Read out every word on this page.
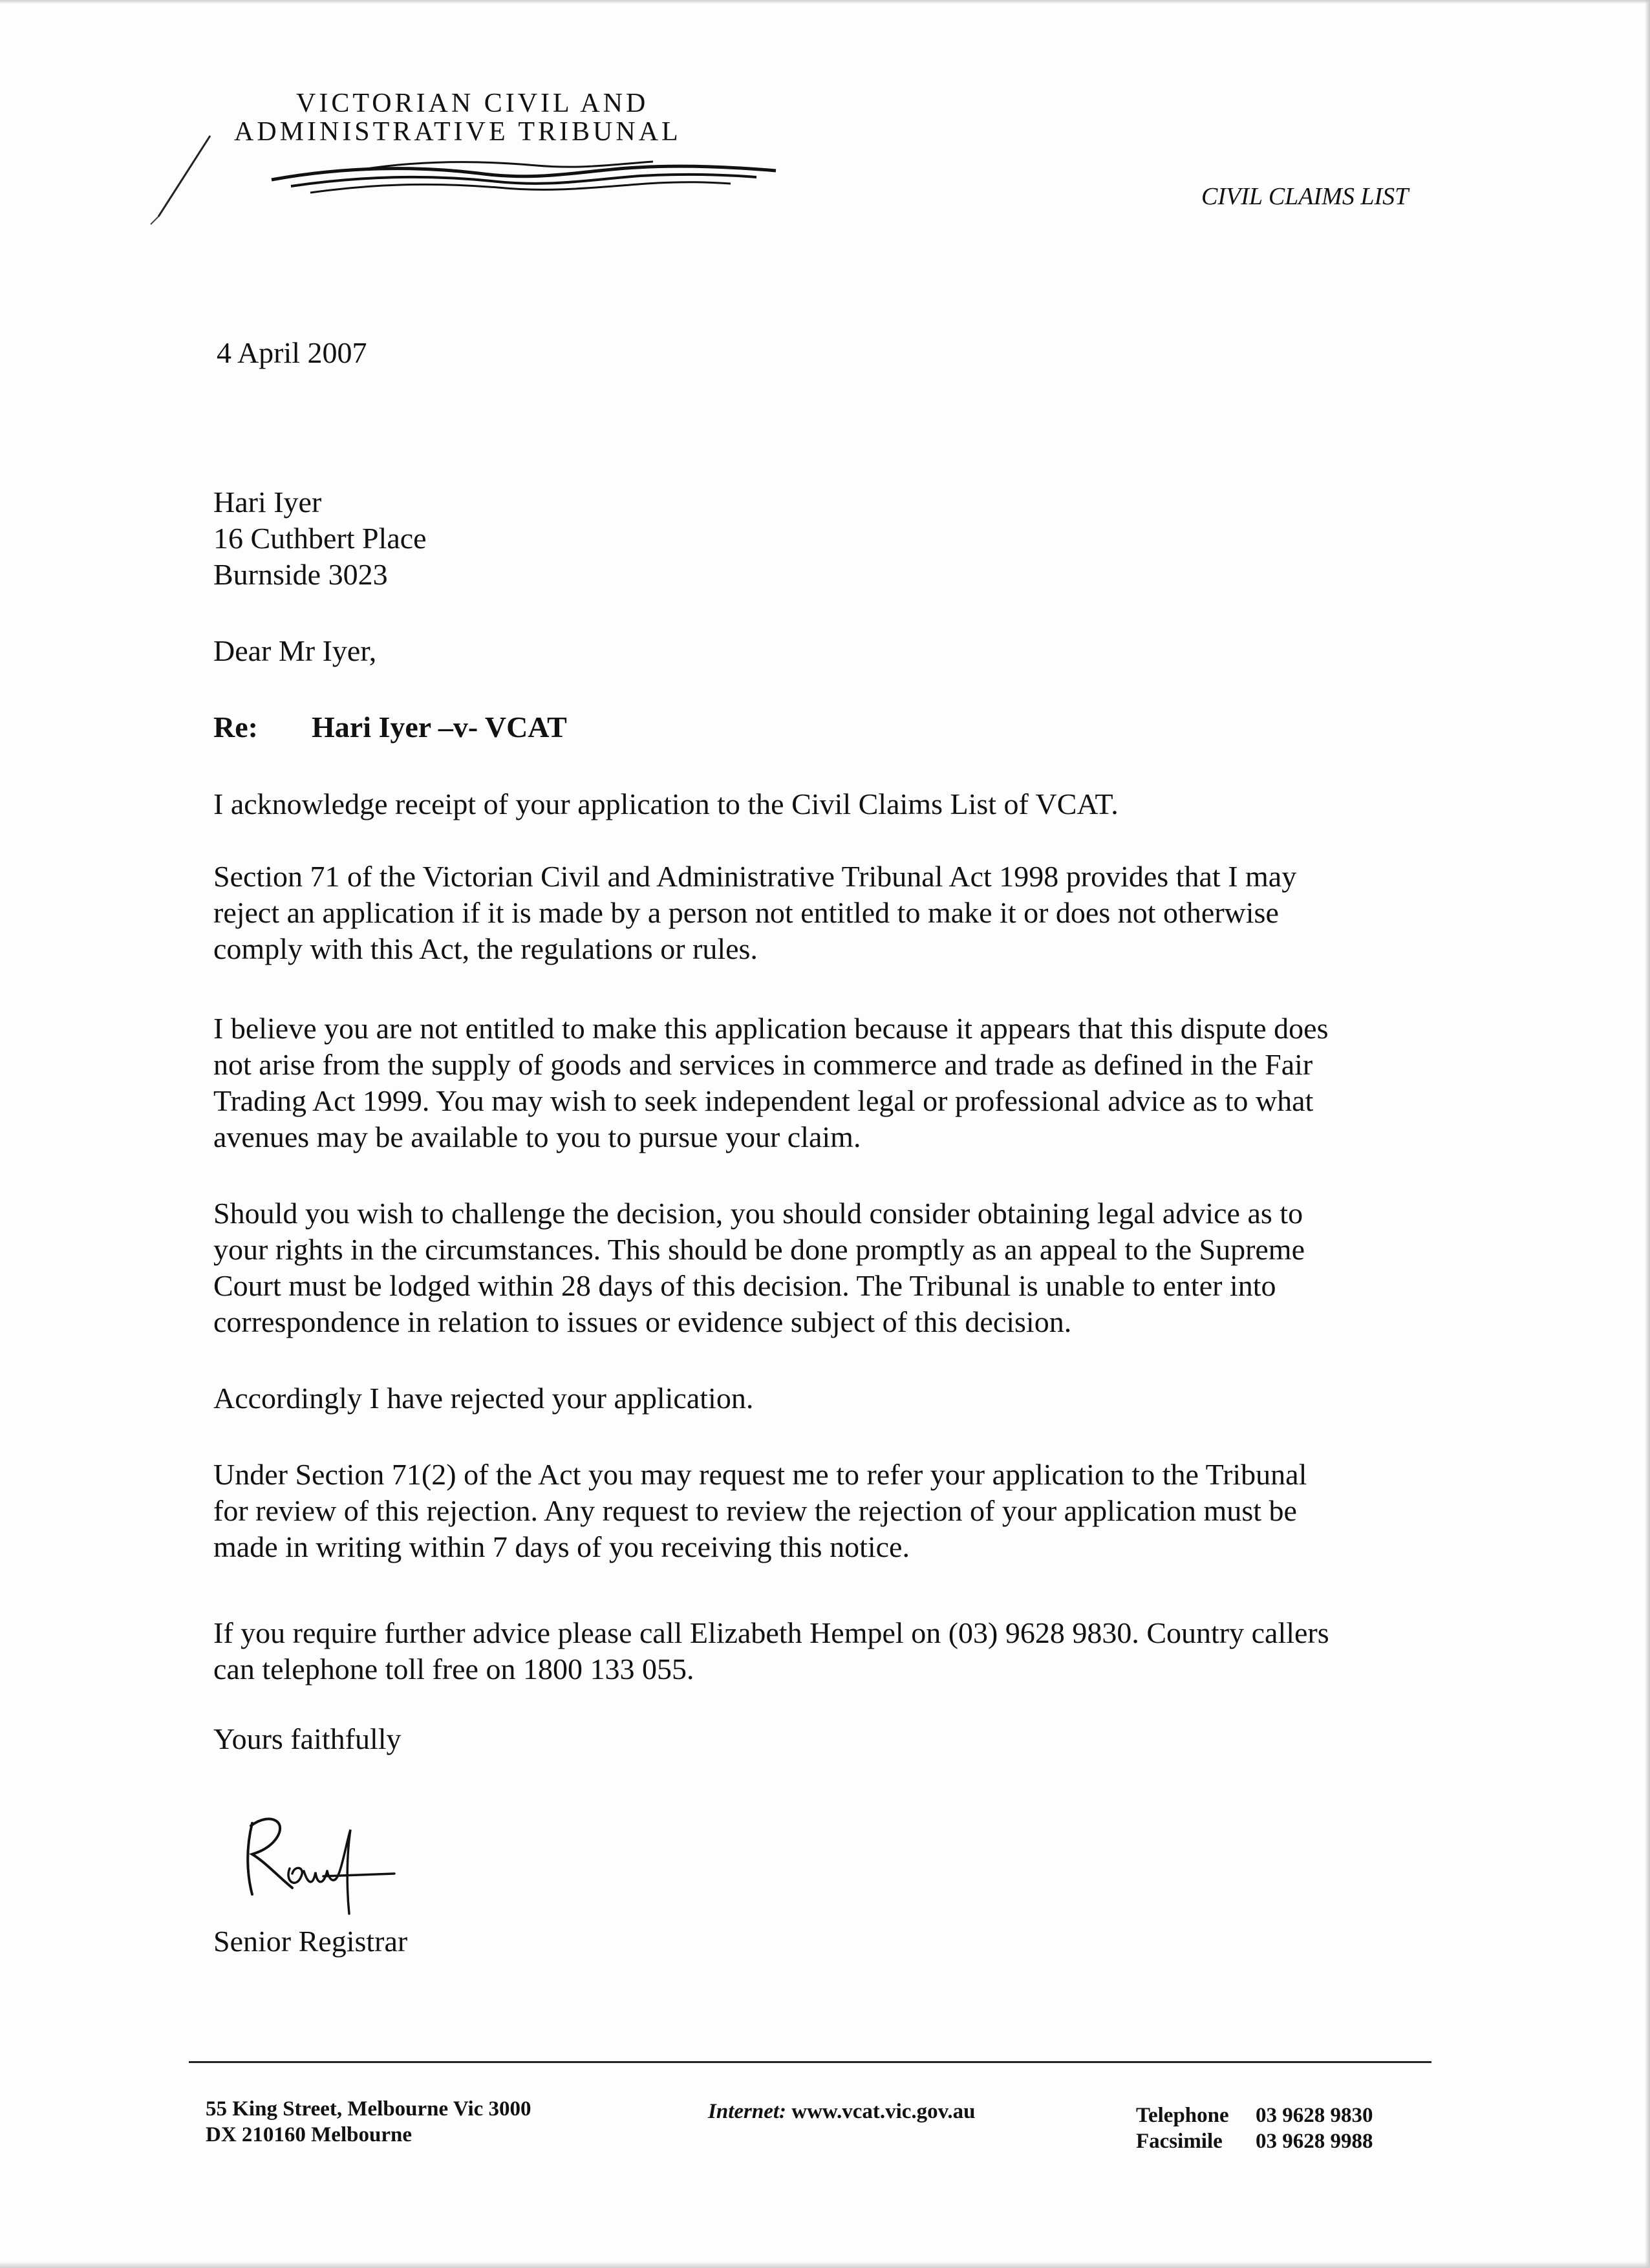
VICTORIAN CIVIL AND
ADMINISTRATIVE TRIBUNAL
CIVIL CLAIMS LIST
4 April 2007
Hari Iyer
16 Cuthbert Place
Burnside 3023
Dear Mr Iyer,
Re: Hari Iyer –v- VCAT
I acknowledge receipt of your application to the Civil Claims List of VCAT.
Section 71 of the Victorian Civil and Administrative Tribunal Act 1998 provides that I may
reject an application if it is made by a person not entitled to make it or does not otherwise
comply with this Act, the regulations or rules.
I believe you are not entitled to make this application because it appears that this dispute does
not arise from the supply of goods and services in commerce and trade as defined in the Fair
Trading Act 1999. You may wish to seek independent legal or professional advice as to what
avenues may be available to you to pursue your claim.
Should you wish to challenge the decision, you should consider obtaining legal advice as to
your rights in the circumstances. This should be done promptly as an appeal to the Supreme
Court must be lodged within 28 days of this decision. The Tribunal is unable to enter into
correspondence in relation to issues or evidence subject of this decision.
Accordingly I have rejected your application.
Under Section 71(2) of the Act you may request me to refer your application to the Tribunal
for review of this rejection. Any request to review the rejection of your application must be
made in writing within 7 days of you receiving this notice.
If you require further advice please call Elizabeth Hempel on (03) 9628 9830. Country callers
can telephone toll free on 1800 133 055.
Yours faithfully
Senior Registrar
55 King Street, Melbourne Vic 3000
DX 210160 Melbourne
Internet: www.vcat.vic.gov.au	Telephone 03 9628 9830
Facsimile 03 9628 9988
